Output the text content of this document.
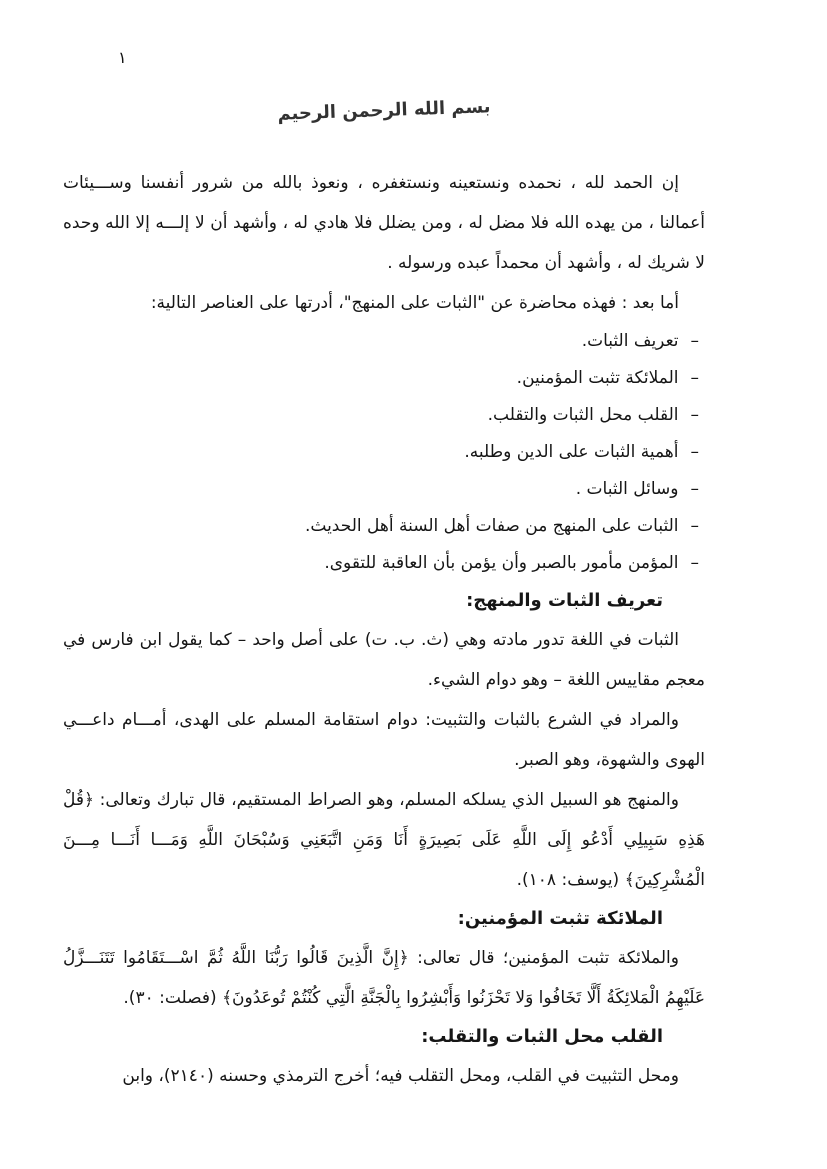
١
بسم الله الرحمن الرحيم

إن الحمد لله ، نحمده ونستعينه ونستغفره ، ونعوذ بالله من شرور أنفسنا وســـيئات أعمالنا ، من يهده الله فلا مضل له ، ومن يضلل فلا هادي له ، وأشهد أن لا إلـــه إلا الله وحده لا شريك له ، وأشهد أن محمداً عبده ورسوله .

أما بعد : فهذه محاضرة عن "الثبات على المنهج"، أدرتها على العناصر التالية:

–تعريف الثبات.
–الملائكة تثبت المؤمنين.
–القلب محل الثبات والتقلب.
–أهمية الثبات على الدين وطلبه.
–وسائل الثبات .
–الثبات على المنهج من صفات أهل السنة أهل الحديث.
–المؤمن مأمور بالصبر وأن يؤمن بأن العاقبة للتقوى.
تعريف الثبات والمنهج:

الثبات في اللغة تدور مادته وهي (ث. ب. ت) على أصل واحد – كما يقول ابن فارس في معجم مقاييس اللغة – وهو دوام الشيء.

والمراد في الشرع بالثبات والتثبيت: دوام استقامة المسلم على الهدى، أمـــام داعـــي الهوى والشهوة، وهو الصبر.

والمنهج هو السبيل الذي يسلكه المسلم، وهو الصراط المستقيم، قال تبارك وتعالى: ﴿قُلْ هَذِهِ سَبِيلِي أَدْعُو إِلَى اللَّهِ عَلَى بَصِيرَةٍ أَنَا وَمَنِ اتَّبَعَنِي وَسُبْحَانَ اللَّهِ وَمَـــا أَنَـــا مِـــنَ الْمُشْرِكِينَ﴾ (يوسف: ١٠٨).

الملائكة تثبت المؤمنين:

والملائكة تثبت المؤمنين؛ قال تعالى: ﴿إِنَّ الَّذِينَ قَالُوا رَبُّنَا اللَّهُ ثُمَّ اسْـــتَقَامُوا تَتَنَـــزَّلُ عَلَيْهِمُ الْمَلائِكَةُ أَلَّا تَخَافُوا وَلا تَحْزَنُوا وَأَبْشِرُوا بِالْجَنَّةِ الَّتِي كُنْتُمْ تُوعَدُونَ﴾ (فصلت: ٣٠).

القلب محل الثبات والتقلب:

ومحل التثبيت في القلب، ومحل التقلب فيه؛ أخرج الترمذي وحسنه (٢١٤٠)، وابن
